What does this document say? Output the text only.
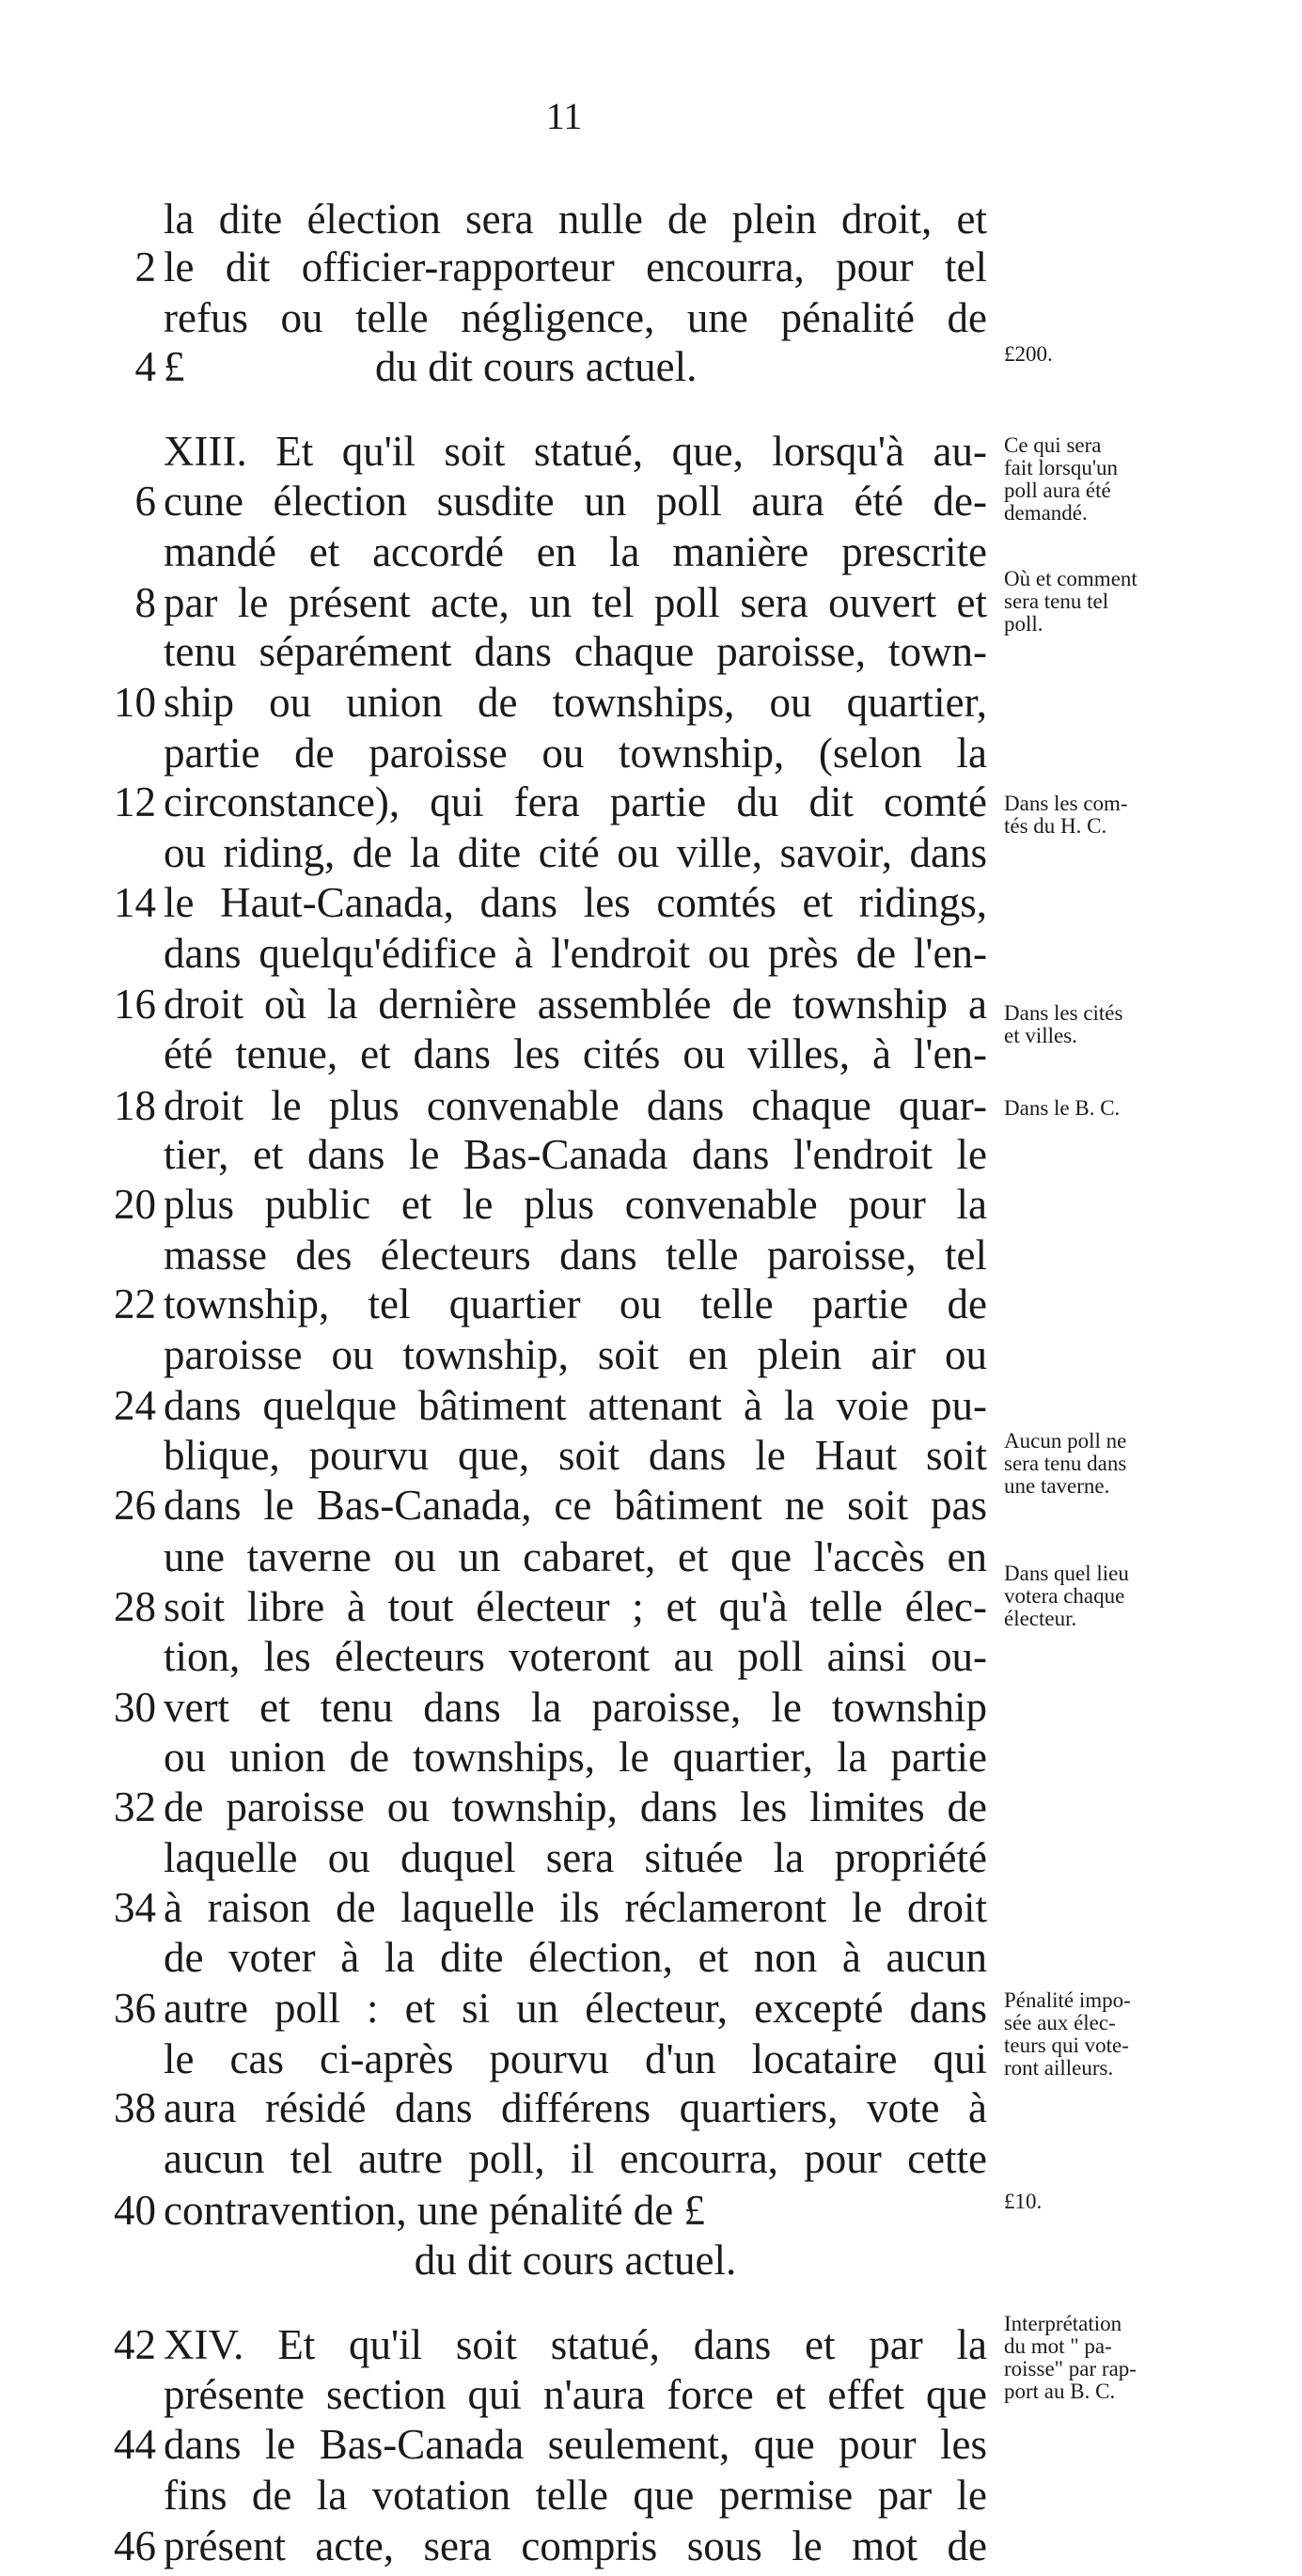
11
la dite élection sera nulle de plein droit, et
2 le dit officier-rapporteur encourra, pour tel
refus ou telle négligence, une pénalité de
4 £                  du dit cours actuel.
XIII. Et qu'il soit statué, que, lorsqu'à au-
6 cune élection susdite un poll aura été de-
mandé et accordé en la manière prescrite
8 par le présent acte, un tel poll sera ouvert et
tenu séparément dans chaque paroisse, town-
10 ship ou union de townships, ou quartier,
partie de paroisse ou township, (selon la
12 circonstance), qui fera partie du dit comté
ou riding, de la dite cité ou ville, savoir, dans
14 le Haut-Canada, dans les comtés et ridings,
dans quelqu'édifice à l'endroit ou près de l'en-
16 droit où la dernière assemblée de township a
été tenue, et dans les cités ou villes, à l'en-
18 droit le plus convenable dans chaque quar-
tier, et dans le Bas-Canada dans l'endroit le
20 plus public et le plus convenable pour la
masse des électeurs dans telle paroisse, tel
22 township, tel quartier ou telle partie de
paroisse ou township, soit en plein air ou
24 dans quelque bâtiment attenant à la voie pu-
blique, pourvu que, soit dans le Haut soit
26 dans le Bas-Canada, ce bâtiment ne soit pas
une taverne ou un cabaret, et que l'accès en
28 soit libre à tout électeur ; et qu'à telle élec-
tion, les électeurs voteront au poll ainsi ou-
30 vert et tenu dans la paroisse, le township
ou union de townships, le quartier, la partie
32 de paroisse ou township, dans les limites de
laquelle ou duquel sera située la propriété
34 à raison de laquelle ils réclameront le droit
de voter à la dite élection, et non à aucun
36 autre poll : et si un électeur, excepté dans
le cas ci-après pourvu d'un locataire qui
38 aura résidé dans différens quartiers, vote à
aucun tel autre poll, il encourra, pour cette
40 contravention, une pénalité de £
du dit cours actuel.
42 XIV. Et qu'il soit statué, dans et par la
présente section qui n'aura force et effet que
44 dans le Bas-Canada seulement, que pour les
fins de la votation telle que permise par le
46 présent acte, sera compris sous le mot de
£200.
Ce qui sera
fait lorsqu'un
poll aura été
demandé.
Où et comment
sera tenu tel
poll.
Dans les com-
tés du H. C.
Dans les cités
et villes.
Dans le B. C.
Aucun poll ne
sera tenu dans
une taverne.
Dans quel lieu
votera chaque
électeur.
Pénalité impo-
sée aux élec-
teurs qui vote-
ront ailleurs.
£10.
Interprétation
du mot " pa-
roisse" par rap-
port au B. C.
